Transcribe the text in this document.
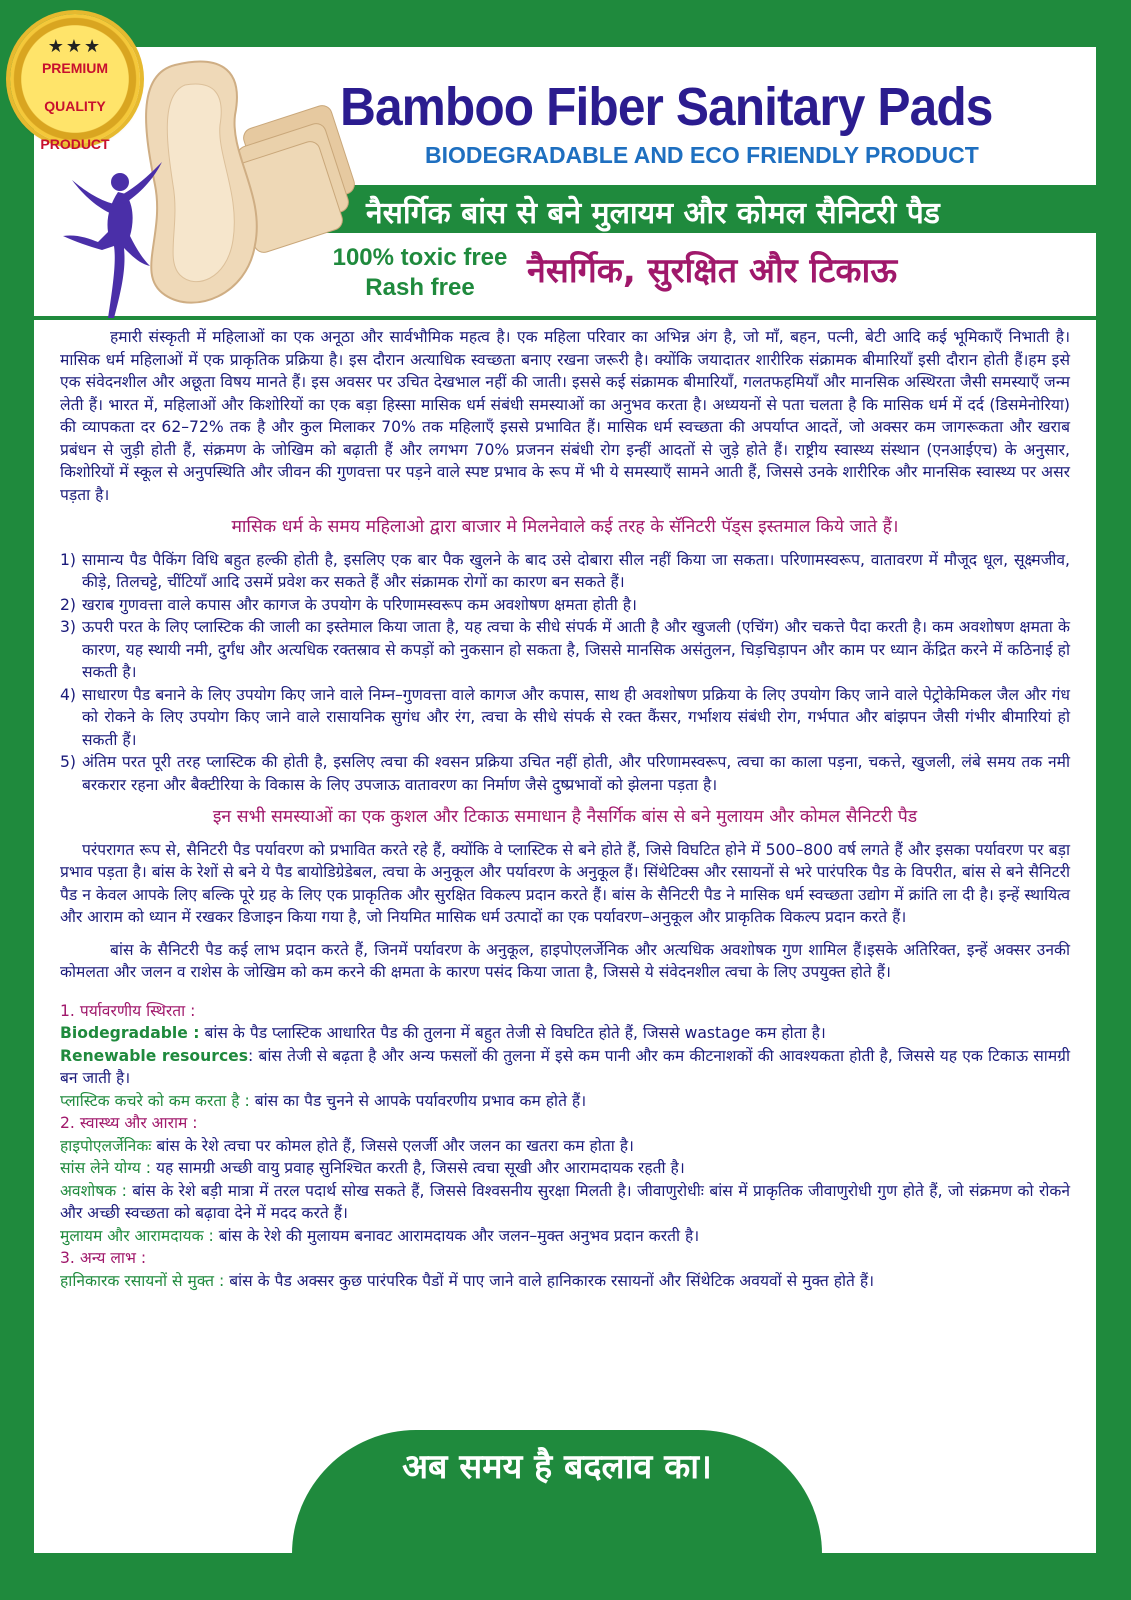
★★★
PREMIUM

QUALITY

PRODUCT
Bamboo Fiber Sanitary Pads
BIODEGRADABLE AND ECO FRIENDLY PRODUCT
नैसर्गिक बांस से बने मुलायम और कोमल सैनिटरी पैड
100% toxic free
Rash free	नैसर्गिक, सुरक्षित और टिकाऊ

हमारी संस्कृती में महिलाओं का एक अनूठा और सार्वभौमिक महत्व है। एक महिला परिवार का अभिन्न अंग है, जो माँ, बहन, पत्नी, बेटी आदि कई भूमिकाएँ निभाती है। मासिक धर्म महिलाओं में एक प्राकृतिक प्रक्रिया है। इस दौरान अत्याधिक स्वच्छता बनाए रखना जरूरी है। क्योंकि जयादातर शारीरिक संक्रामक बीमारियाँ इसी दौरान होती हैं।हम इसे एक संवेदनशील और अछूता विषय मानते हैं। इस अवसर पर उचित देखभाल नहीं की जाती। इससे कई संक्रामक बीमारियाँ, गलतफहमियाँ और मानसिक अस्थिरता जैसी समस्याएँ जन्म लेती हैं। भारत में, महिलाओं और किशोरियों का एक बड़ा हिस्सा मासिक धर्म संबंधी समस्याओं का अनुभव करता है। अध्ययनों से पता चलता है कि मासिक धर्म में दर्द (डिसमेनोरिया) की व्यापकता दर 62–72% तक है और कुल मिलाकर 70% तक महिलाएँ इससे प्रभावित हैं। मासिक धर्म स्वच्छता की अपर्याप्त आदतें, जो अक्सर कम जागरूकता और खराब प्रबंधन से जुड़ी होती हैं, संक्रमण के जोखिम को बढ़ाती हैं और लगभग 70% प्रजनन संबंधी रोग इन्हीं आदतों से जुड़े होते हैं। राष्ट्रीय स्वास्थ्य संस्थान (एनआईएच) के अनुसार, किशोरियों में स्कूल से अनुपस्थिति और जीवन की गुणवत्ता पर पड़ने वाले स्पष्ट प्रभाव के रूप में भी ये समस्याएँ सामने आती हैं, जिससे उनके शारीरिक और मानसिक स्वास्थ्य पर असर पड़ता है।

मासिक धर्म के समय महिलाओ द्वारा बाजार मे मिलनेवाले कई तरह के सॅनिटरी पॅड्स इस्तमाल किये जाते हैं।
1) सामान्य पैड पैकिंग विधि बहुत हल्की होती है, इसलिए एक बार पैक खुलने के बाद उसे दोबारा सील नहीं किया जा सकता। परिणामस्वरूप, वातावरण में मौजूद धूल, सूक्ष्मजीव, कीड़े, तिलचट्टे, चींटियाँ आदि उसमें प्रवेश कर सकते हैं और संक्रामक रोगों का कारण बन सकते हैं।
2) खराब गुणवत्ता वाले कपास और कागज के उपयोग के परिणामस्वरूप कम अवशोषण क्षमता होती है।
3) ऊपरी परत के लिए प्लास्टिक की जाली का इस्तेमाल किया जाता है, यह त्वचा के सीधे संपर्क में आती है और खुजली (एचिंग) और चकत्ते पैदा करती है। कम अवशोषण क्षमता के कारण, यह स्थायी नमी, दुर्गंध और अत्यधिक रक्तस्राव से कपड़ों को नुकसान हो सकता है, जिससे मानसिक असंतुलन, चिड़चिड़ापन और काम पर ध्यान केंद्रित करने में कठिनाई हो सकती है।
4) साधारण पैड बनाने के लिए उपयोग किए जाने वाले निम्न–गुणवत्ता वाले कागज और कपास, साथ ही अवशोषण प्रक्रिया के लिए उपयोग किए जाने वाले पेट्रोकेमिकल जैल और गंध को रोकने के लिए उपयोग किए जाने वाले रासायनिक सुगंध और रंग, त्वचा के सीधे संपर्क से रक्त कैंसर, गर्भाशय संबंधी रोग, गर्भपात और बांझपन जैसी गंभीर बीमारियां हो सकती हैं।
5) अंतिम परत पूरी तरह प्लास्टिक की होती है, इसलिए त्वचा की श्वसन प्रक्रिया उचित नहीं होती, और परिणामस्वरूप, त्वचा का काला पड़ना, चकत्ते, खुजली, लंबे समय तक नमी बरकरार रहना और बैक्टीरिया के विकास के लिए उपजाऊ वातावरण का निर्माण जैसे दुष्प्रभावों को झेलना पड़ता है।
इन सभी समस्याओं का एक कुशल और टिकाऊ समाधान है नैसर्गिक बांस से बने मुलायम और कोमल सैनिटरी पैड

परंपरागत रूप से, सैनिटरी पैड पर्यावरण को प्रभावित करते रहे हैं, क्योंकि वे प्लास्टिक से बने होते हैं, जिसे विघटित होने में 500–800 वर्ष लगते हैं और इसका पर्यावरण पर बड़ा प्रभाव पड़ता है। बांस के रेशों से बने ये पैड बायोडिग्रेडेबल, त्वचा के अनुकूल और पर्यावरण के अनुकूल हैं। सिंथेटिक्स और रसायनों से भरे पारंपरिक पैड के विपरीत, बांस से बने सैनिटरी पैड न केवल आपके लिए बल्कि पूरे ग्रह के लिए एक प्राकृतिक और सुरक्षित विकल्प प्रदान करते हैं। बांस के सैनिटरी पैड ने मासिक धर्म स्वच्छता उद्योग में क्रांति ला दी है। इन्हें स्थायित्व और आराम को ध्यान में रखकर डिजाइन किया गया है, जो नियमित मासिक धर्म उत्पादों का एक पर्यावरण–अनुकूल और प्राकृतिक विकल्प प्रदान करते हैं।

बांस के सैनिटरी पैड कई लाभ प्रदान करते हैं, जिनमें पर्यावरण के अनुकूल, हाइपोएलर्जेनिक और अत्यधिक अवशोषक गुण शामिल हैं।इसके अतिरिक्त, इन्हें अक्सर उनकी कोमलता और जलन व राशेस के जोखिम को कम करने की क्षमता के कारण पसंद किया जाता है, जिससे ये संवेदनशील त्वचा के लिए उपयुक्त होते हैं।

1. पर्यावरणीय स्थिरता :

Biodegradable : बांस के पैड प्लास्टिक आधारित पैड की तुलना में बहुत तेजी से विघटित होते हैं, जिससे wastage कम होता है।

Renewable resources: बांस तेजी से बढ़ता है और अन्य फसलों की तुलना में इसे कम पानी और कम कीटनाशकों की आवश्यकता होती है, जिससे यह एक टिकाऊ सामग्री बन जाती है।

प्लास्टिक कचरे को कम करता है : बांस का पैड चुनने से आपके पर्यावरणीय प्रभाव कम होते हैं।

2. स्वास्थ्य और आराम :

हाइपोएलर्जेनिकः बांस के रेशे त्वचा पर कोमल होते हैं, जिससे एलर्जी और जलन का खतरा कम होता है।

सांस लेने योग्य : यह सामग्री अच्छी वायु प्रवाह सुनिश्चित करती है, जिससे त्वचा सूखी और आरामदायक रहती है।

अवशोषक : बांस के रेशे बड़ी मात्रा में तरल पदार्थ सोख सकते हैं, जिससे विश्वसनीय सुरक्षा मिलती है। जीवाणुरोधीः बांस में प्राकृतिक जीवाणुरोधी गुण होते हैं, जो संक्रमण को रोकने और अच्छी स्वच्छता को बढ़ावा देने में मदद करते हैं।

मुलायम और आरामदायक : बांस के रेशे की मुलायम बनावट आरामदायक और जलन–मुक्त अनुभव प्रदान करती है।

3. अन्य लाभ :

हानिकारक रसायनों से मुक्त : बांस के पैड अक्सर कुछ पारंपरिक पैडों में पाए जाने वाले हानिकारक रसायनों और सिंथेटिक अवयवों से मुक्त होते हैं।

अब समय है बदलाव का।
